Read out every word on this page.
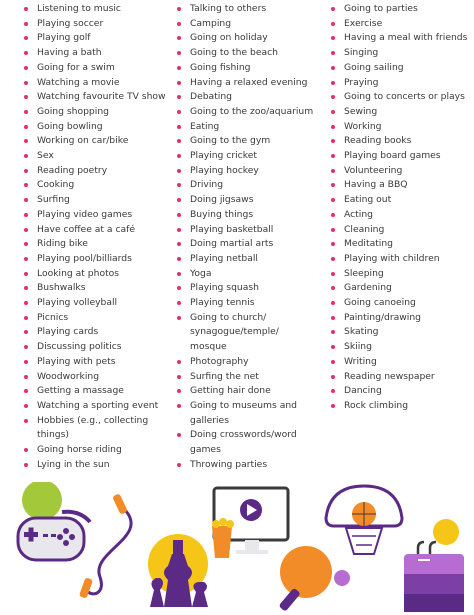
Listening to music
Playing soccer
Playing golf
Having a bath
Going for a swim
Watching a movie
Watching favourite TV show
Going shopping
Going bowling
Working on car/bike
Sex
Reading poetry
Cooking
Surfing
Playing video games
Have coffee at a café
Riding bike
Playing pool/billiards
Looking at photos
Bushwalks
Playing volleyball
Picnics
Playing cards
Discussing politics
Playing with pets
Woodworking
Getting a massage
Watching a sporting event
Hobbies (e.g., collecting
things)
Going horse riding
Lying in the sun
Talking to others
Camping
Going on holiday
Going to the beach
Going fishing
Having a relaxed evening
Debating
Going to the zoo/aquarium
Eating
Going to the gym
Playing cricket
Playing hockey
Driving
Doing jigsaws
Buying things
Playing basketball
Doing martial arts
Playing netball
Yoga
Playing squash
Playing tennis
Going to church/
synagogue/temple/
mosque
Photography
Surfing the net
Getting hair done
Going to museums and
galleries
Doing crosswords/word
games
Throwing parties
Going to parties
Exercise
Having a meal with friends
Singing
Going sailing
Praying
Going to concerts or plays
Sewing
Working
Reading books
Playing board games
Volunteering
Having a BBQ
Eating out
Acting
Cleaning
Meditating
Playing with children
Sleeping
Gardening
Going canoeing
Painting/drawing
Skating
Skiing
Writing
Reading newspaper
Dancing
Rock climbing
